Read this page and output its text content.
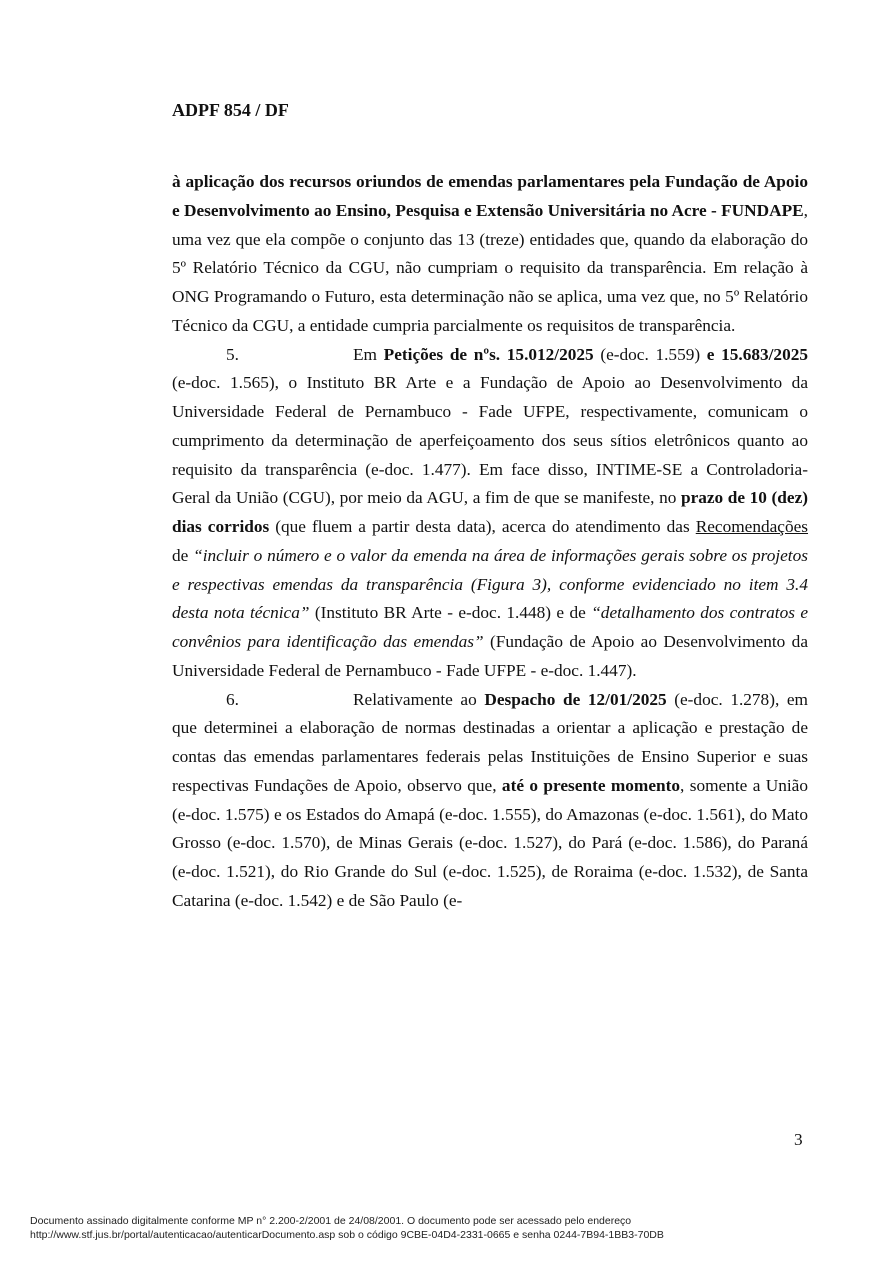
ADPF 854 / DF

à aplicação dos recursos oriundos de emendas parlamentares pela Fundação de Apoio e Desenvolvimento ao Ensino, Pesquisa e Extensão Universitária no Acre - FUNDAPE, uma vez que ela compõe o conjunto das 13 (treze) entidades que, quando da elaboração do 5º Relatório Técnico da CGU, não cumpriam o requisito da transparência. Em relação à ONG Programando o Futuro, esta determinação não se aplica, uma vez que, no 5º Relatório Técnico da CGU, a entidade cumpria parcialmente os requisitos de transparência.

5.	Em Petições de nºs. 15.012/2025 (e-doc. 1.559) e 15.683/2025 (e-doc. 1.565), o Instituto BR Arte e a Fundação de Apoio ao Desenvolvimento da Universidade Federal de Pernambuco - Fade UFPE, respectivamente, comunicam o cumprimento da determinação de aperfeiçoamento dos seus sítios eletrônicos quanto ao requisito da transparência (e-doc. 1.477). Em face disso, INTIME-SE a Controladoria-Geral da União (CGU), por meio da AGU, a fim de que se manifeste, no prazo de 10 (dez) dias corridos (que fluem a partir desta data), acerca do atendimento das Recomendações de “incluir o número e o valor da emenda na área de informações gerais sobre os projetos e respectivas emendas da transparência (Figura 3), conforme evidenciado no item 3.4 desta nota técnica” (Instituto BR Arte - e-doc. 1.448) e de “detalhamento dos contratos e convênios para identificação das emendas” (Fundação de Apoio ao Desenvolvimento da Universidade Federal de Pernambuco - Fade UFPE - e-doc. 1.447).

6.	Relativamente ao Despacho de 12/01/2025 (e-doc. 1.278), em que determinei a elaboração de normas destinadas a orientar a aplicação e prestação de contas das emendas parlamentares federais pelas Instituições de Ensino Superior e suas respectivas Fundações de Apoio, observo que, até o presente momento, somente a União (e-doc. 1.575) e os Estados do Amapá (e-doc. 1.555), do Amazonas (e-doc. 1.561), do Mato Grosso (e-doc. 1.570), de Minas Gerais (e-doc. 1.527), do Pará (e-doc. 1.586), do Paraná (e-doc. 1.521), do Rio Grande do Sul (e-doc. 1.525), de Roraima (e-doc. 1.532), de Santa Catarina (e-doc. 1.542) e de São Paulo (e-

3
Documento assinado digitalmente conforme MP n° 2.200-2/2001 de 24/08/2001. O documento pode ser acessado pelo endereço
http://www.stf.jus.br/portal/autenticacao/autenticarDocumento.asp sob o código 9CBE-04D4-2331-0665 e senha 0244-7B94-1BB3-70DB
